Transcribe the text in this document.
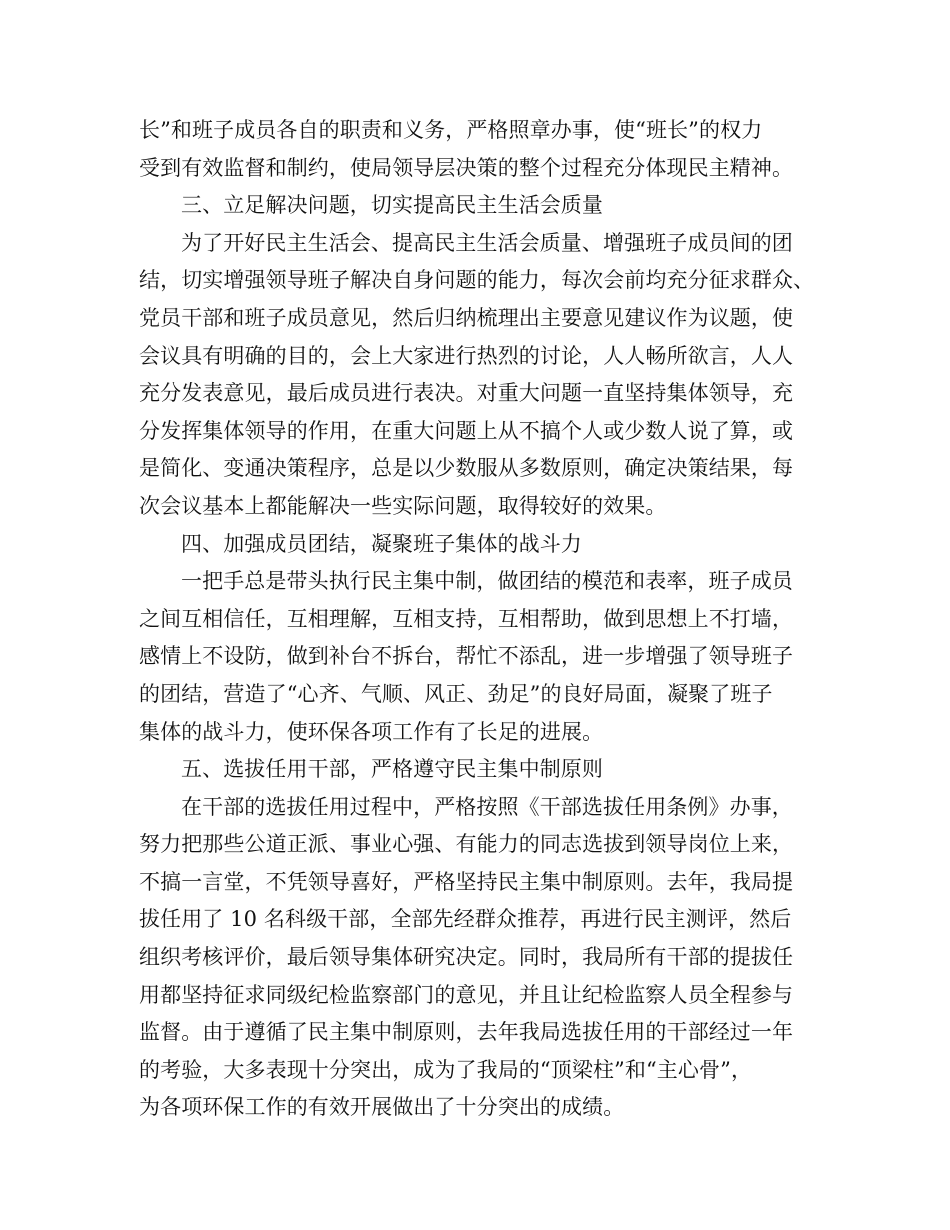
长”和班子成员各自的职责和义务，严格照章办事，使“班长”的权力
受到有效监督和制约，使局领导层决策的整个过程充分体现民主精神。
三、立足解决问题，切实提高民主生活会质量
为了开好民主生活会、提高民主生活会质量、增强班子成员间的团
结，切实增强领导班子解决自身问题的能力，每次会前均充分征求群众、
党员干部和班子成员意见，然后归纳梳理出主要意见建议作为议题，使
会议具有明确的目的，会上大家进行热烈的讨论，人人畅所欲言，人人
充分发表意见，最后成员进行表决。对重大问题一直坚持集体领导，充
分发挥集体领导的作用，在重大问题上从不搞个人或少数人说了算，或
是简化、变通决策程序，总是以少数服从多数原则，确定决策结果，每
次会议基本上都能解决一些实际问题，取得较好的效果。
四、加强成员团结，凝聚班子集体的战斗力
一把手总是带头执行民主集中制，做团结的模范和表率，班子成员
之间互相信任，互相理解，互相支持，互相帮助，做到思想上不打墙，
感情上不设防，做到补台不拆台，帮忙不添乱，进一步增强了领导班子
的团结，营造了“心齐、气顺、风正、劲足”的良好局面，凝聚了班子
集体的战斗力，使环保各项工作有了长足的进展。
五、选拔任用干部，严格遵守民主集中制原则
在干部的选拔任用过程中，严格按照《干部选拔任用条例》办事，
努力把那些公道正派、事业心强、有能力的同志选拔到领导岗位上来，
不搞一言堂，不凭领导喜好，严格坚持民主集中制原则。去年，我局提
拔任用了 10 名科级干部，全部先经群众推荐，再进行民主测评，然后
组织考核评价，最后领导集体研究决定。同时，我局所有干部的提拔任
用都坚持征求同级纪检监察部门的意见，并且让纪检监察人员全程参与
监督。由于遵循了民主集中制原则，去年我局选拔任用的干部经过一年
的考验，大多表现十分突出，成为了我局的“顶梁柱”和“主心骨”，
为各项环保工作的有效开展做出了十分突出的成绩。
